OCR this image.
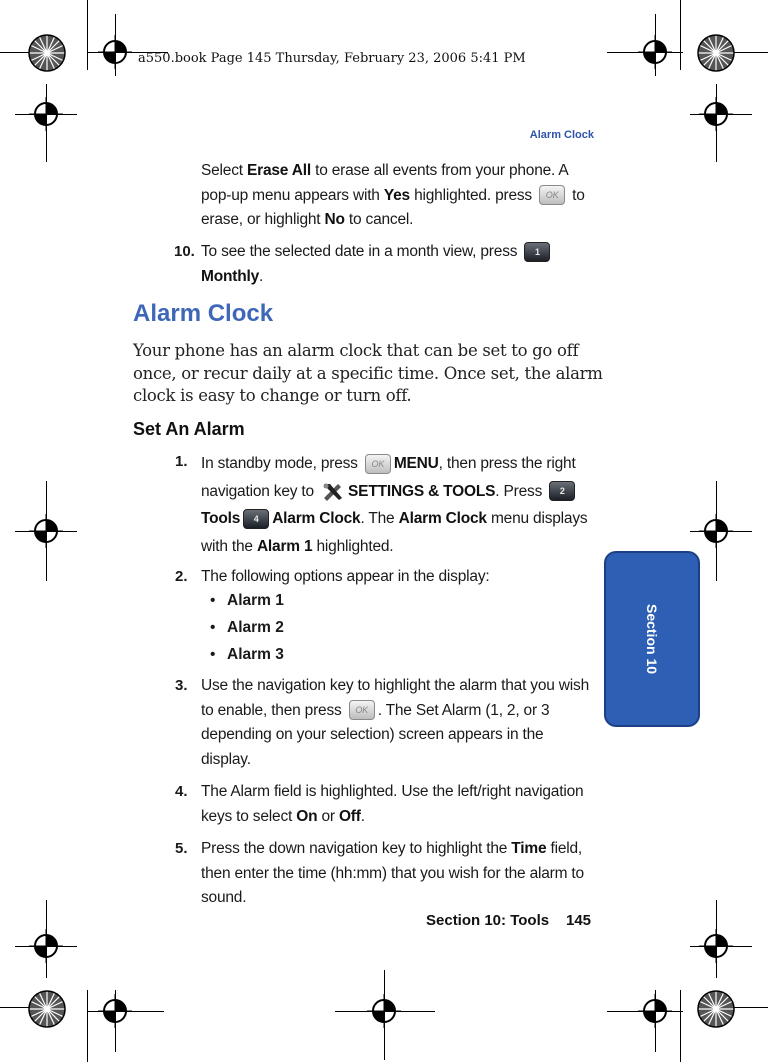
a550.book Page 145 Thursday, February 23, 2006 5:41 PM
Alarm Clock
Select Erase All to erase all events from your phone. A pop-up menu appears with Yes highlighted. press OK to erase, or highlight No to cancel.
10. To see the selected date in a month view, press 1Monthly.
Alarm Clock
Your phone has an alarm clock that can be set to go off once, or recur daily at a specific time. Once set, the alarm clock is easy to change or turn off.
Set An Alarm
1. In standby mode, press OK MENU, then press the right navigation key to SETTINGS & TOOLS. Press 2Tools 4 Alarm Clock. The Alarm Clock menu displays with the Alarm 1 highlighted.
2. The following options appear in the display:
• Alarm 1
• Alarm 2
• Alarm 3
3. Use the navigation key to highlight the alarm that you wish to enable, then press OK . The Set Alarm (1, 2, or 3 depending on your selection) screen appears in the display.
4. The Alarm field is highlighted. Use the left/right navigation keys to select On or Off.
5. Press the down navigation key to highlight the Time field, then enter the time (hh:mm) that you wish for the alarm to sound.
Section 10
Section 10: Tools 145
